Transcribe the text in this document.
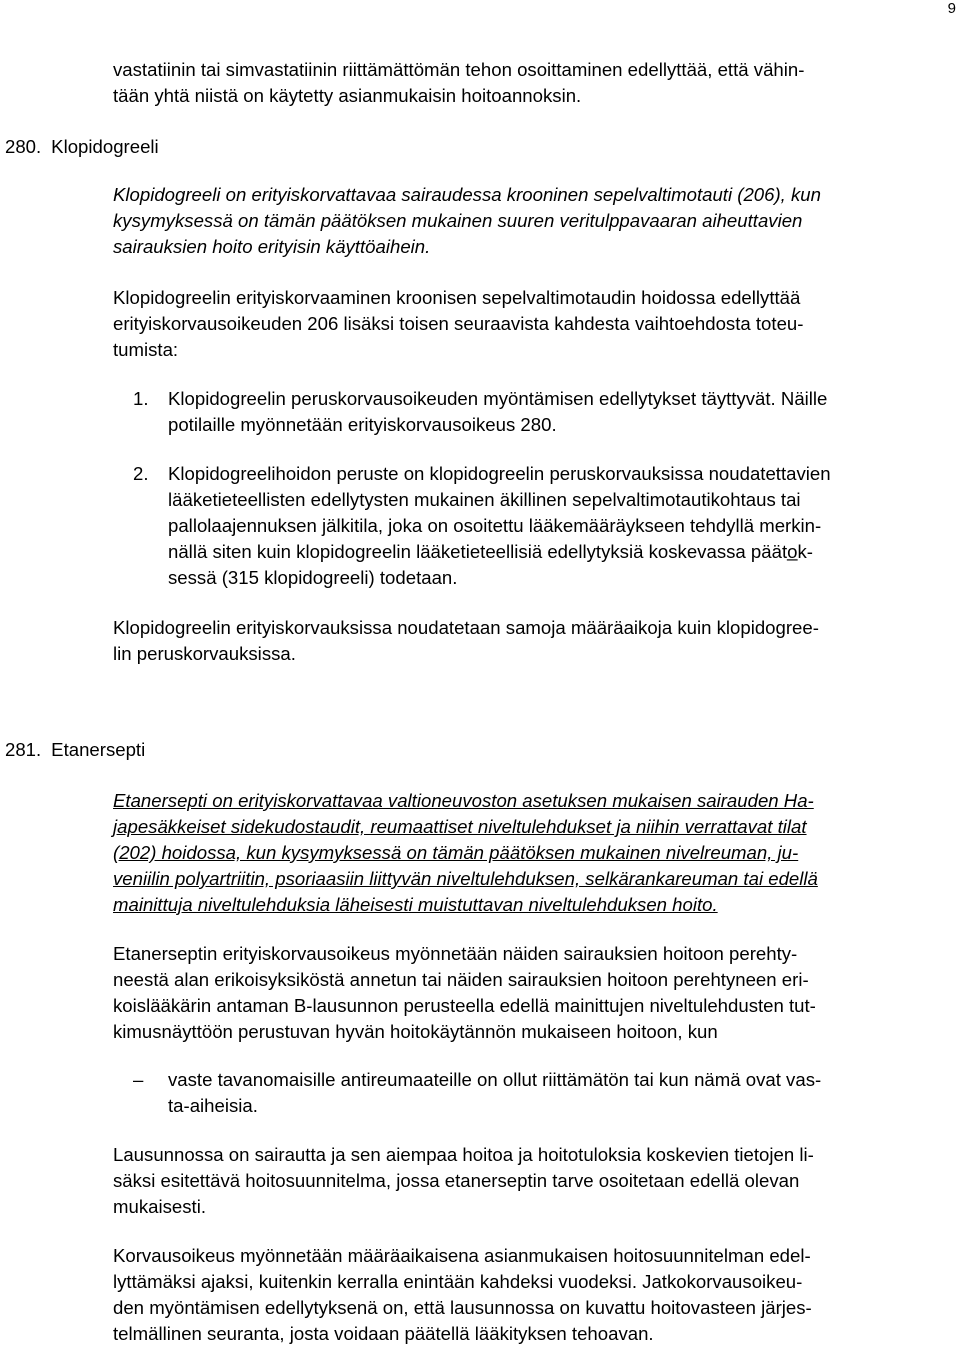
9
vastatiinin tai simvastatiinin riittämättömän tehon osoittaminen edellyttää, että vähin-
tään yhtä niistä on käytetty asianmukaisin hoitoannoksin.
280. Klopidogreeli
Klopidogreeli on erityiskorvattavaa sairaudessa krooninen sepelvaltimotauti (206), kun
kysymyksessä on tämän päätöksen mukainen suuren veritulppavaaran aiheuttavien
sairauksien hoito erityisin käyttöaihein.
Klopidogreelin erityiskorvaaminen kroonisen sepelvaltimotaudin hoidossa edellyttää
erityiskorvausoikeuden 206 lisäksi toisen seuraavista kahdesta vaihtoehdosta toteu-
tumista:
1. Klopidogreelin peruskorvausoikeuden myöntämisen edellytykset täyttyvät. Näille
potilaille myönnetään erityiskorvausoikeus 280.
2. Klopidogreelihoidon peruste on klopidogreelin peruskorvauksissa noudatettavien
lääketieteellisten edellytysten mukainen äkillinen sepelvaltimotautikohtaus tai
pallolaajennuksen jälkitila, joka on osoitettu lääkemääräykseen tehdyllä merkin-
nällä siten kuin klopidogreelin lääketieteellisiä edellytyksiä koskevassa pääto̲k-
sessä (315 klopidogreeli) todetaan.
Klopidogreelin erityiskorvauksissa noudatetaan samoja määräaikoja kuin klopidogree-
lin peruskorvauksissa.
281. Etanersepti
Etanersepti on erityiskorvattavaa valtioneuvoston asetuksen mukaisen sairauden Ha-
japesäkkeiset sidekudostaudit, reumaattiset niveltulehdukset ja niihin verrattavat tilat
(202) hoidossa, kun kysymyksessä on tämän päätöksen mukainen nivelreuman, ju-
veniilin polyartriitin, psoriaasiin liittyvän niveltulehduksen, selkärankareuman tai edellä
mainittuja niveltulehduksia läheisesti muistuttavan niveltulehduksen hoito.
Etanerseptin erityiskorvausoikeus myönnetään näiden sairauksien hoitoon perehty-
neestä alan erikoisyksiköstä annetun tai näiden sairauksien hoitoon perehtyneen eri-
koislääkärin antaman B-lausunnon perusteella edellä mainittujen niveltulehdusten tut-
kimusnäyttöön perustuvan hyvän hoitokäytännön mukaiseen hoitoon, kun
– vaste tavanomaisille antireumaateille on ollut riittämätön tai kun nämä ovat vas-
ta-aiheisia.
Lausunnossa on sairautta ja sen aiempaa hoitoa ja hoitotuloksia koskevien tietojen li-
säksi esitettävä hoitosuunnitelma, jossa etanerseptin tarve osoitetaan edellä olevan
mukaisesti.
Korvausoikeus myönnetään määräaikaisena asianmukaisen hoitosuunnitelman edel-
lyttämäksi ajaksi, kuitenkin kerralla enintään kahdeksi vuodeksi. Jatkokorvausoikeu-
den myöntämisen edellytyksenä on, että lausunnossa on kuvattu hoitovasteen järjes-
telmällinen seuranta, josta voidaan päätellä lääkityksen tehoavan.
